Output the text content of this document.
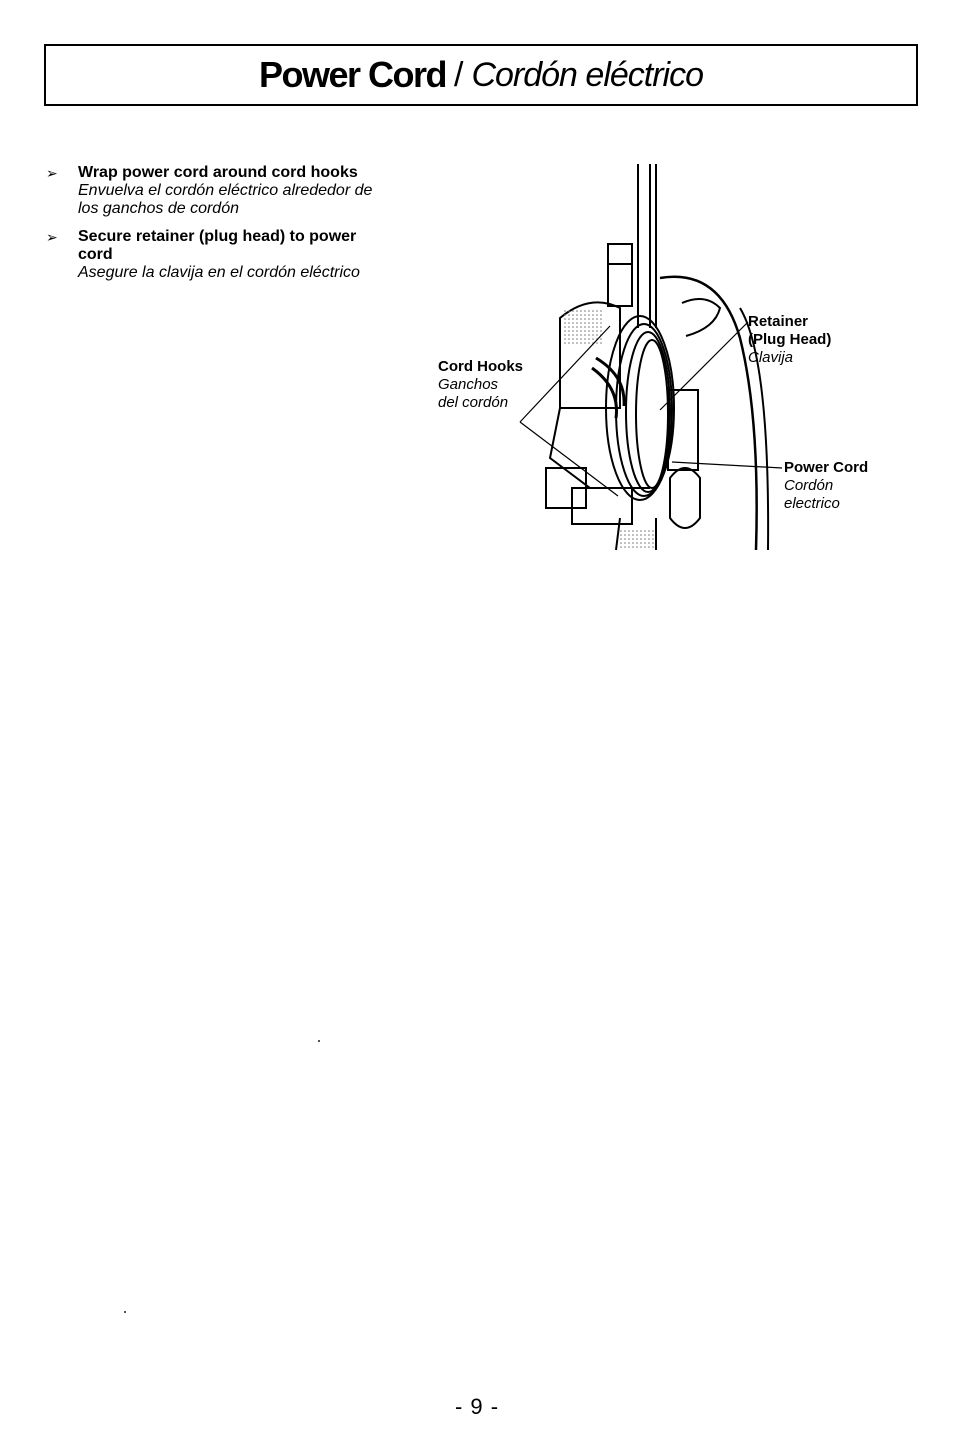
Power Cord / Cordón eléctrico
➢	Wrap power cord around cord hooks
Envuelva el cordón eléctrico alrededor de los ganchos de cordón
➢	Secure retainer (plug head) to power cord
Asegure la clavija en el cordón eléctrico
Cord Hooks
Ganchos
del cordón
Retainer
(Plug Head)
Clavija
Power Cord
Cordón
electrico
- 9 -
